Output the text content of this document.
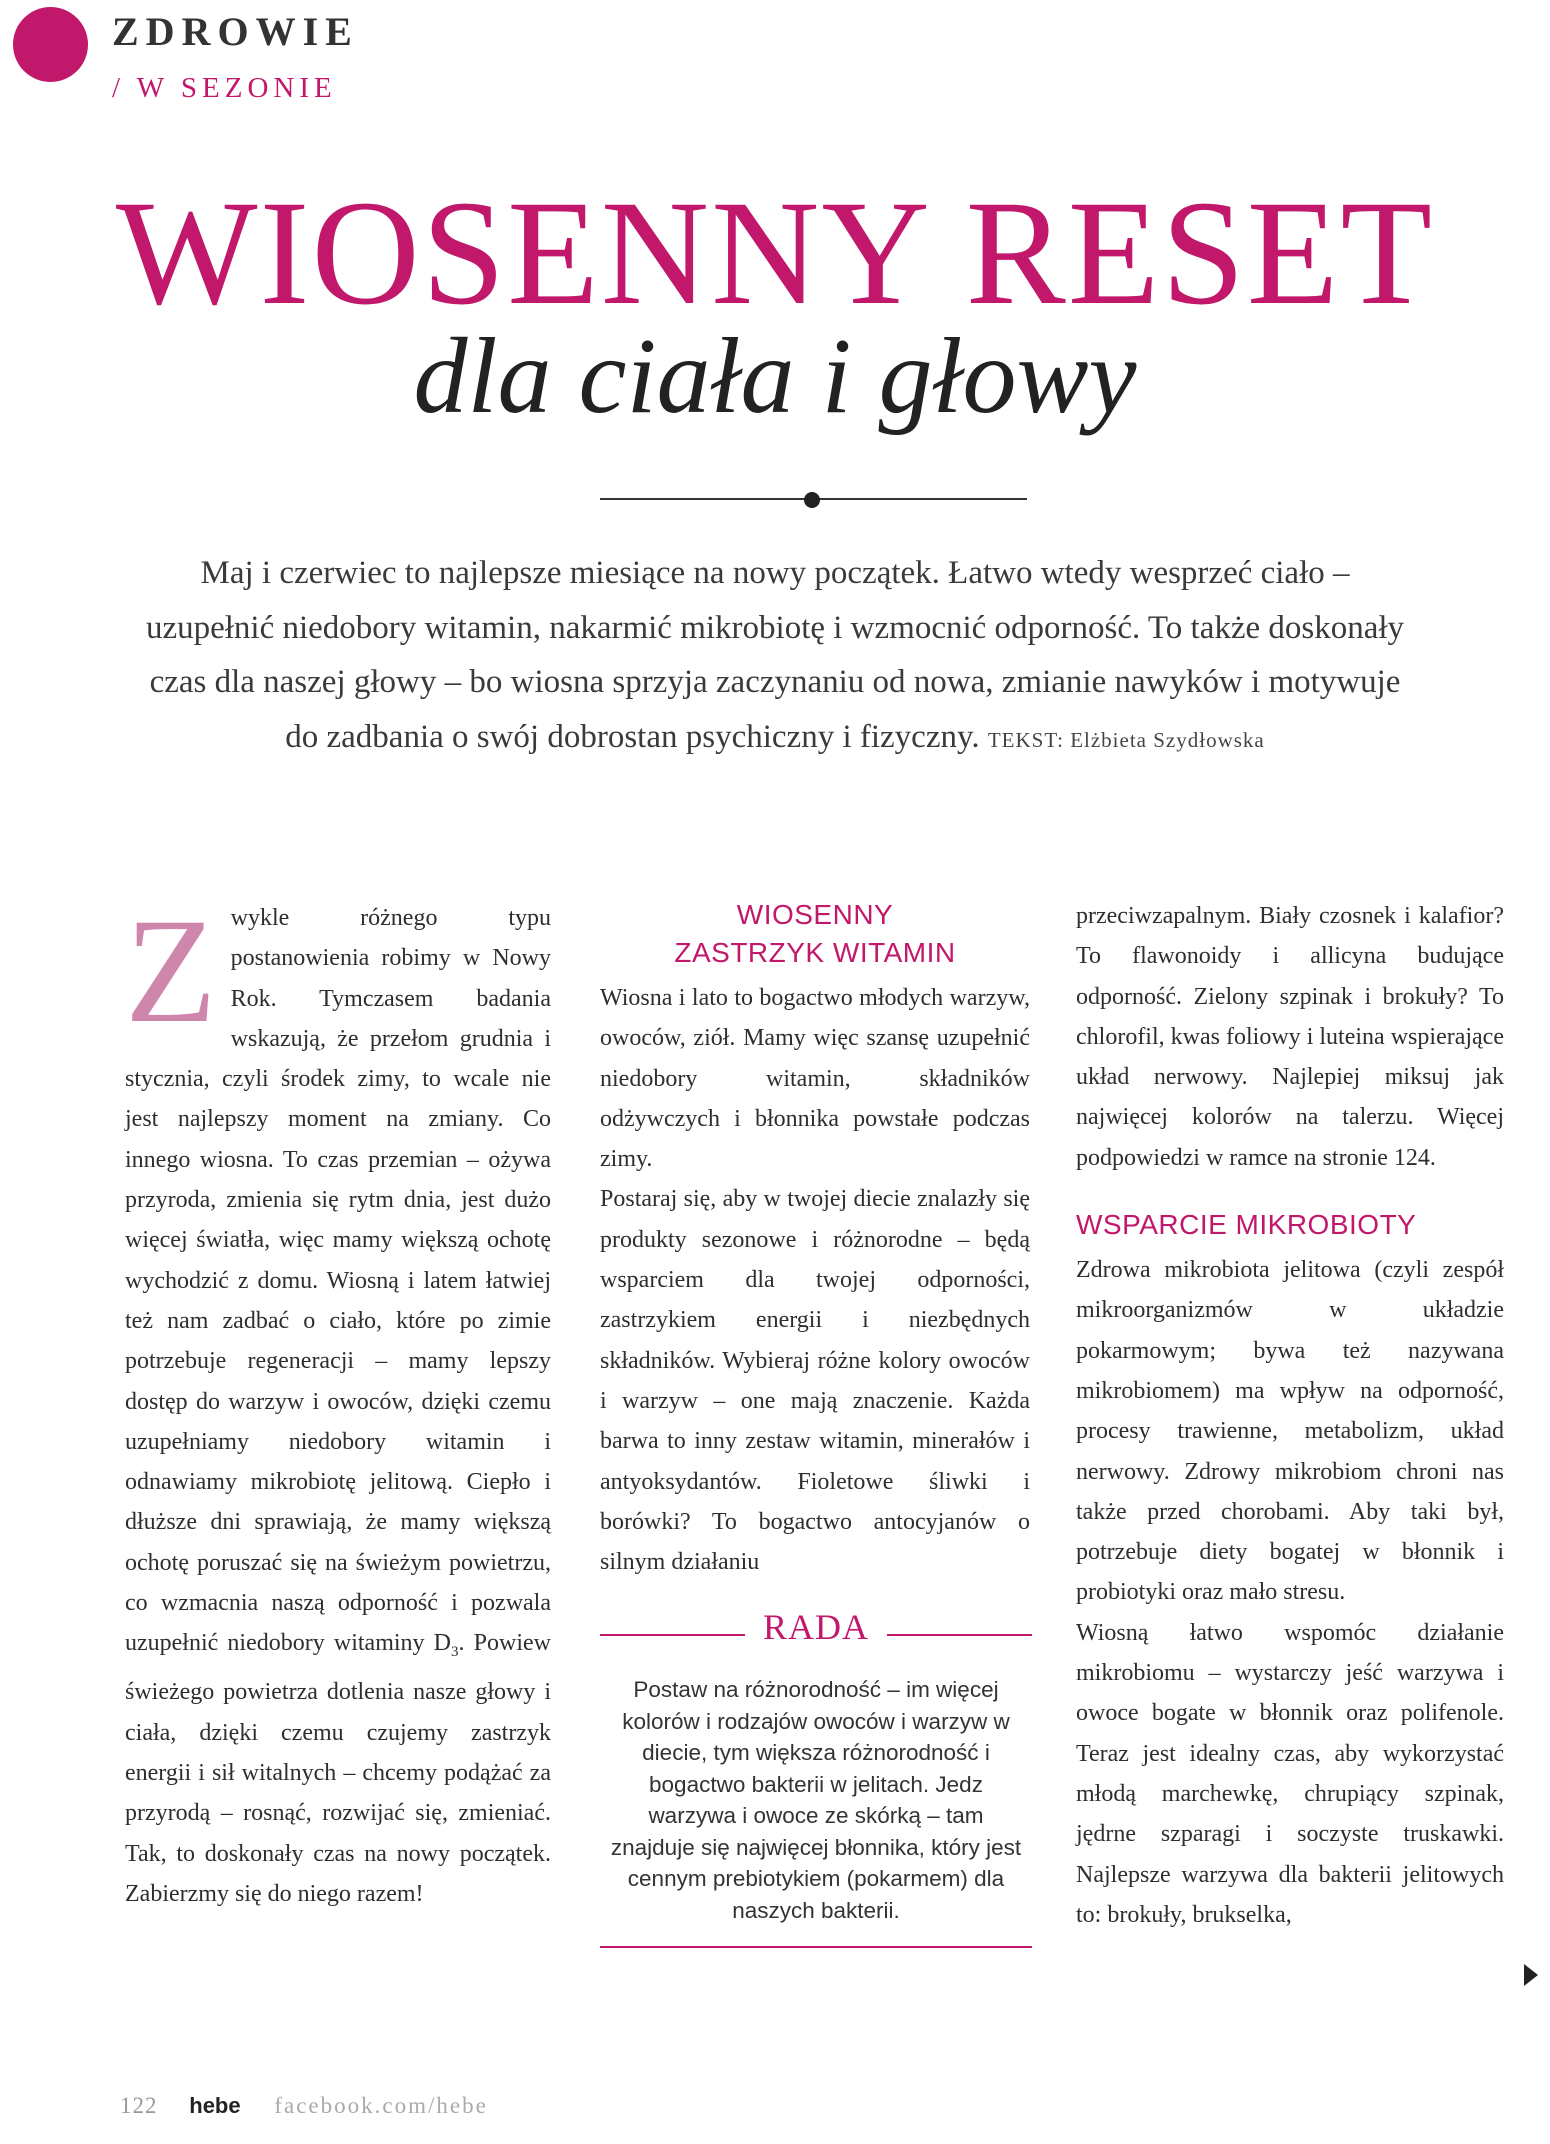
ZDROWIE
/ W SEZONIE
WIOSENNY RESET
dla ciała i głowy
Maj i czerwiec to najlepsze miesiące na nowy początek. Łatwo wtedy wesprzeć ciało – uzupełnić niedobory witamin, nakarmić mikrobiotę i wzmocnić odporność. To także doskonały czas dla naszej głowy – bo wiosna sprzyja zaczynaniu od nowa, zmianie nawyków i motywuje do zadbania o swój dobrostan psychiczny i fizyczny. TEKST: Elżbieta Szydłowska
Z wykle różnego typu postanowienia robimy w Nowy Rok. Tymczasem badania wskazują, że przełom grudnia i stycznia, czyli środek zimy, to wcale nie jest najlepszy moment na zmiany. Co innego wiosna. To czas przemian – ożywa przyroda, zmienia się rytm dnia, jest dużo więcej światła, więc mamy większą ochotę wychodzić z domu. Wiosną i latem łatwiej też nam zadbać o ciało, które po zimie potrzebuje regeneracji – mamy lepszy dostęp do warzyw i owoców, dzięki czemu uzupełniamy niedobory witamin i odnawiamy mikrobiotę jelitową. Ciepło i dłuższe dni sprawiają, że mamy większą ochotę poruszać się na świeżym powietrzu, co wzmacnia naszą odporność i pozwala uzupełnić niedobory witaminy $D_3$. Powiew świeżego powietrza dotlenia nasze głowy i ciała, dzięki czemu czujemy zastrzyk energii i sił witalnych – chcemy podążać za przyrodą – rosnąć, rozwijać się, zmieniać. Tak, to doskonały czas na nowy początek. Zabierzmy się do niego razem!

WIOSENNY
ZASTRZYK WITAMIN

Wiosna i lato to bogactwo młodych warzyw, owoców, ziół. Mamy więc szansę uzupełnić niedobory witamin, składników odżywczych i błonnika powstałe podczas zimy.

Postaraj się, aby w twojej diecie znalazły się produkty sezonowe i różnorodne – będą wsparciem dla twojej odporności, zastrzykiem energii i niezbędnych składników. Wybieraj różne kolory owoców i warzyw – one mają znaczenie. Każda barwa to inny zestaw witamin, minerałów i antyoksydantów. Fioletowe śliwki i borówki? To bogactwo antocyjanów o silnym działaniu

RADA
Postaw na różnorodność – im więcej kolorów i rodzajów owoców i warzyw w diecie, tym większa różnorodność i bogactwo bakterii w jelitach. Jedz warzywa i owoce ze skórką – tam znajduje się najwięcej błonnika, który jest cennym prebiotykiem (pokarmem) dla naszych bakterii.

przeciwzapalnym. Biały czosnek i kalafior? To flawonoidy i allicyna budujące odporność. Zielony szpinak i brokuły? To chlorofil, kwas foliowy i luteina wspierające układ nerwowy. Najlepiej miksuj jak najwięcej kolorów na talerzu. Więcej podpowiedzi w ramce na stronie 124.

WSPARCIE MIKROBIOTY

Zdrowa mikrobiota jelitowa (czyli zespół mikroorganizmów w układzie pokarmowym; bywa też nazywana mikrobiomem) ma wpływ na odporność, procesy trawienne, metabolizm, układ nerwowy. Zdrowy mikrobiom chroni nas także przed chorobami. Aby taki był, potrzebuje diety bogatej w błonnik i probiotyki oraz mało stresu.

Wiosną łatwo wspomóc działanie mikrobiomu – wystarczy jeść warzywa i owoce bogate w błonnik oraz polifenole. Teraz jest idealny czas, aby wykorzystać młodą marchewkę, chrupiący szpinak, jędrne szparagi i soczyste truskawki. Najlepsze warzywa dla bakterii jelitowych to: brokuły, brukselka,

122 hebe facebook.com/hebe
